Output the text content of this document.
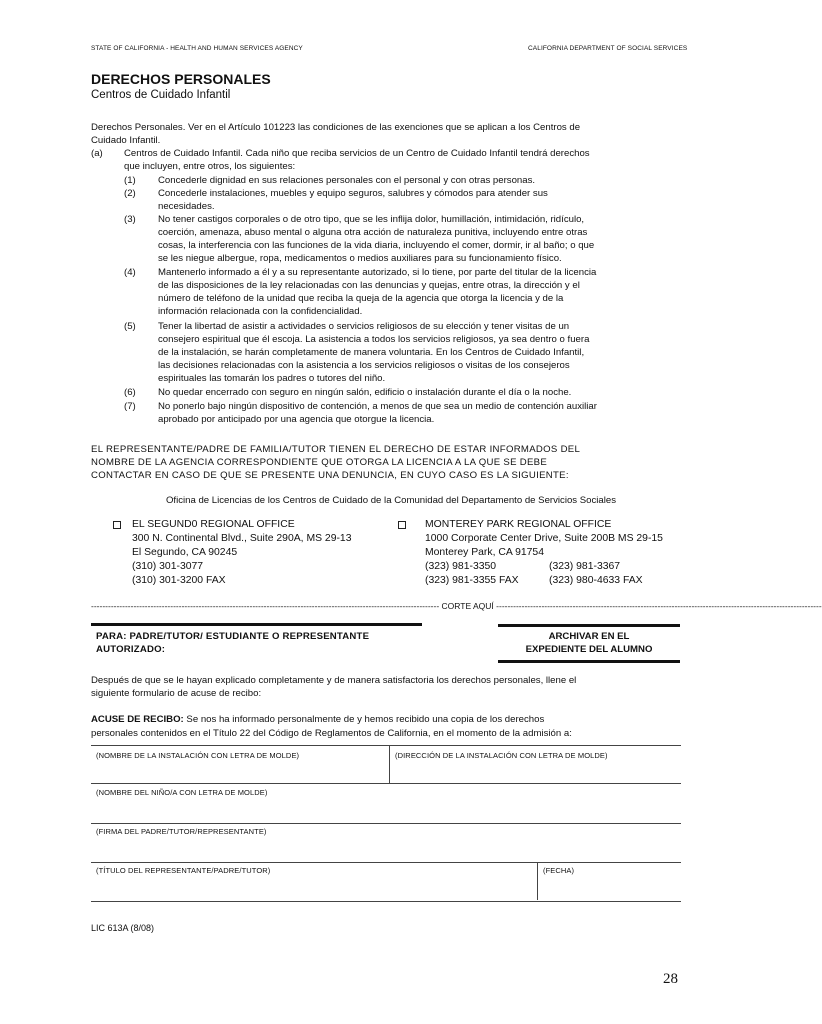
STATE OF CALIFORNIA - HEALTH AND HUMAN SERVICES AGENCY	CALIFORNIA DEPARTMENT OF SOCIAL SERVICES
DERECHOS PERSONALES
Centros de Cuidado Infantil
Derechos Personales. Ver en el Artículo 101223 las condiciones de las exenciones que se aplican a los Centros de
Cuidado Infantil.
(a) Centros de Cuidado Infantil. Cada niño que reciba servicios de un Centro de Cuidado Infantil tendrá derechos
que incluyen, entre otros, los siguientes:
(1)	Concederle dignidad en sus relaciones personales con el personal y con otras personas.
(2)	Concederle instalaciones, muebles y equipo seguros, salubres y cómodos para atender sus
necesidades.
(3)	No tener castigos corporales o de otro tipo, que se les inflija dolor, humillación, intimidación, ridículo,
coerción, amenaza, abuso mental o alguna otra acción de naturaleza punitiva, incluyendo entre otras
cosas, la interferencia con las funciones de la vida diaria, incluyendo el comer, dormir, ir al baño; o que
se les niegue albergue, ropa, medicamentos o medios auxiliares para su funcionamiento físico.
(4)	Mantenerlo informado a él y a su representante autorizado, si lo tiene, por parte del titular de la licencia
de las disposiciones de la ley relacionadas con las denuncias y quejas, entre otras, la dirección y el
número de teléfono de la unidad que reciba la queja de la agencia que otorga la licencia y de la
información relacionada con la confidencialidad.
(5)	Tener la libertad de asistir a actividades o servicios religiosos de su elección y tener visitas de un
consejero espiritual que él escoja. La asistencia a todos los servicios religiosos, ya sea dentro o fuera
de la instalación, se harán completamente de manera voluntaria. En los Centros de Cuidado Infantil,
las decisiones relacionadas con la asistencia a los servicios religiosos o visitas de los consejeros
espirituales las tomarán los padres o tutores del niño.
(6)	No quedar encerrado con seguro en ningún salón, edificio o instalación durante el día o la noche.
(7)	No ponerlo bajo ningún dispositivo de contención, a menos de que sea un medio de contención auxiliar
aprobado por anticipado por una agencia que otorgue la licencia.
EL REPRESENTANTE/PADRE DE FAMILIA/TUTOR TIENEN EL DERECHO DE ESTAR INFORMADOS DEL
NOMBRE DE LA AGENCIA CORRESPONDIENTE QUE OTORGA LA LICENCIA A LA QUE SE DEBE
CONTACTAR EN CASO DE QUE SE PRESENTE UNA DENUNCIA, EN CUYO CASO ES LA SIGUIENTE:
Oficina de Licencias de los Centros de Cuidado de la Comunidad del Departamento de Servicios Sociales
EL SEGUND0 REGIONAL OFFICE
300 N. Continental Blvd., Suite 290A, MS 29-13
El Segundo, CA 90245
(310) 301-3077
(310) 301-3200 FAX
MONTEREY PARK REGIONAL OFFICE
1000 Corporate Center Drive, Suite 200B MS 29-15
Monterey Park, CA 91754
(323) 981-3350	(323) 981-3367
(323) 981-3355 FAX	(323) 980-4633 FAX
--------------------------------------------------------------------------------------------------------------------------- CORTE AQUÍ -------------------------------------------------------------------------------------------------------------------
PARA: PADRE/TUTOR/ ESTUDIANTE O REPRESENTANTE
AUTORIZADO:
ARCHIVAR EN EL
EXPEDIENTE DEL ALUMNO
Después de que se le hayan explicado completamente y de manera satisfactoria los derechos personales, llene el
siguiente formulario de acuse de recibo:
ACUSE DE RECIBO: Se nos ha informado personalmente de y hemos recibido una copia de los derechos
personales contenidos en el Título 22 del Código de Reglamentos de California, en el momento de la admisión a:
(NOMBRE DE LA INSTALACIÓN CON LETRA DE MOLDE)	(DIRECCIÓN DE LA INSTALACIÓN CON LETRA DE MOLDE)
(NOMBRE DEL NIÑO/A CON LETRA DE MOLDE)
(FIRMA DEL PADRE/TUTOR/REPRESENTANTE)
(TÍTULO DEL REPRESENTANTE/PADRE/TUTOR)	(FECHA)
LIC 613A (8/08)
28
